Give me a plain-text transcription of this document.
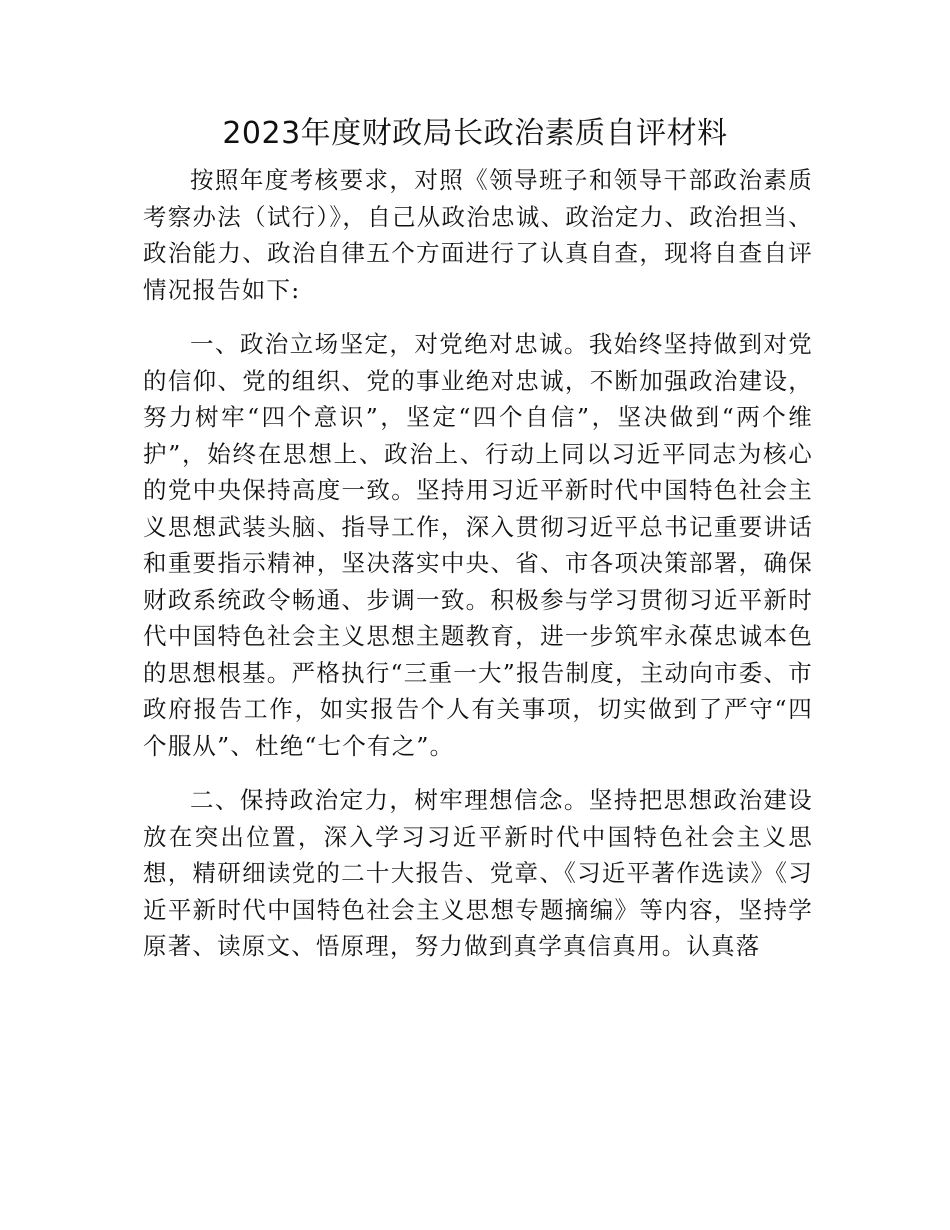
2023年度财政局长政治素质自评材料

按照年度考核要求，对照《领导班子和领导干部政治素质考察办法（试行）》，自己从政治忠诚、政治定力、政治担当、政治能力、政治自律五个方面进行了认真自查，现将自查自评情况报告如下:

一、政治立场坚定，对党绝对忠诚。我始终坚持做到对党的信仰、党的组织、党的事业绝对忠诚，不断加强政治建设，努力树牢“四个意识”，坚定“四个自信”，坚决做到“两个维护”，始终在思想上、政治上、行动上同以习近平同志为核心的党中央保持高度一致。坚持用习近平新时代中国特色社会主义思想武装头脑、指导工作，深入贯彻习近平总书记重要讲话和重要指示精神，坚决落实中央、省、市各项决策部署，确保财政系统政令畅通、步调一致。积极参与学习贯彻习近平新时代中国特色社会主义思想主题教育，进一步筑牢永葆忠诚本色的思想根基。严格执行“三重一大”报告制度，主动向市委、市政府报告工作，如实报告个人有关事项，切实做到了严守“四个服从”、杜绝“七个有之”。

二、保持政治定力，树牢理想信念。坚持把思想政治建设放在突出位置，深入学习习近平新时代中国特色社会主义思想，精研细读党的二十大报告、党章、《习近平著作选读》《习近平新时代中国特色社会主义思想专题摘编》等内容，坚持学原著、读原文、悟原理，努力做到真学真信真用。认真落
